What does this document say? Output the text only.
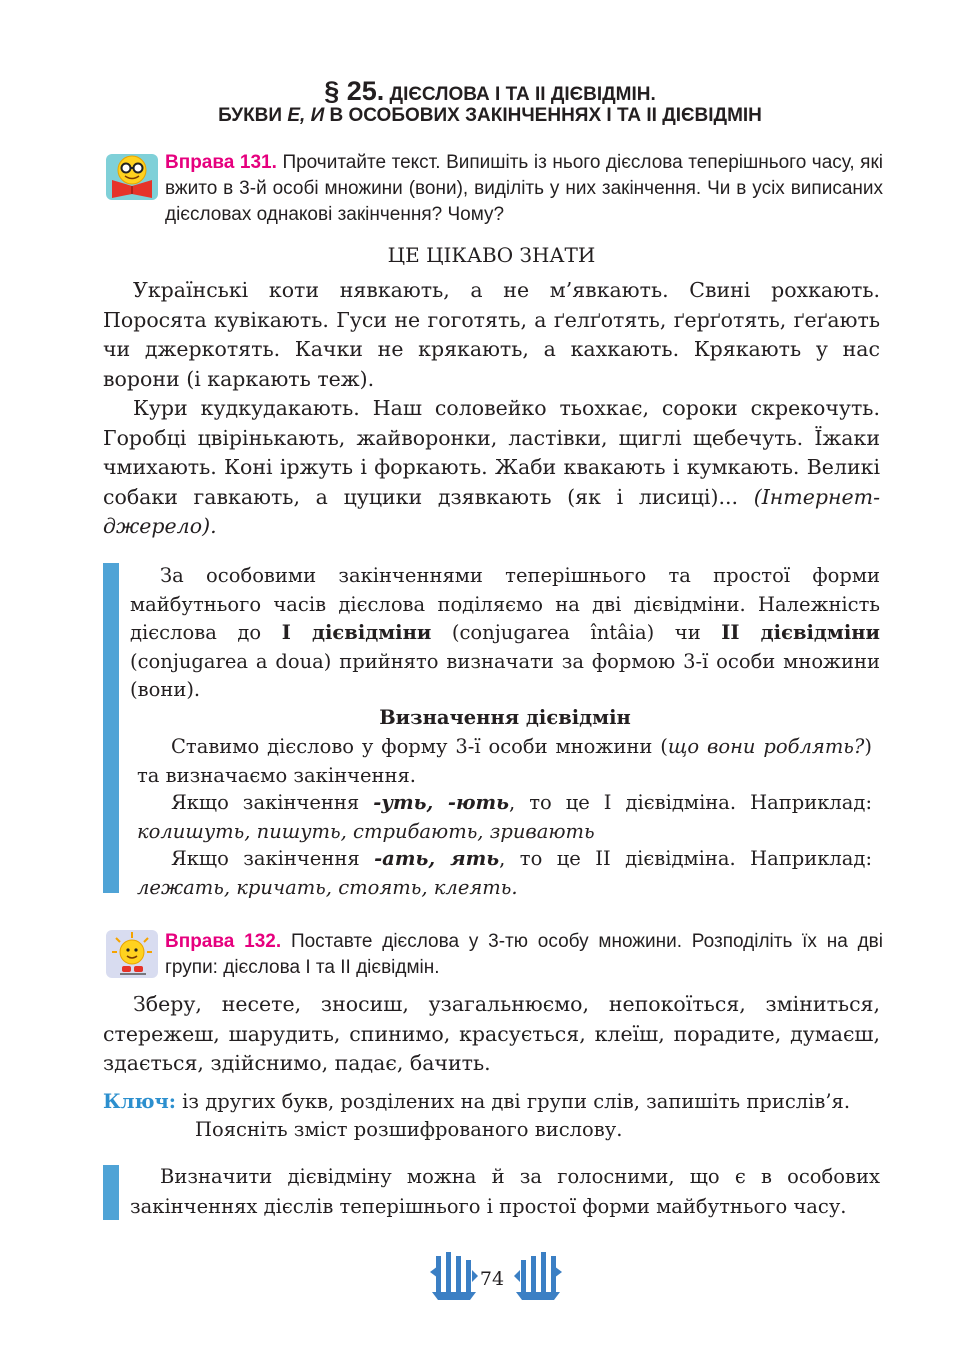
§ 25. ДІЄСЛОВА І ТА ІІ ДІЄВІДМІН.
БУКВИ Е, И В ОСОБОВИХ ЗАКІНЧЕННЯХ І ТА ІІ ДІЄВІДМІН
Вправа 131. Прочитайте текст. Випишіть із нього дієслова теперішнього часу, які вжито в 3-й особі множини (вони), виділіть у них закінчення. Чи в усіх виписаних дієсловах однакові закінчення? Чому?
ЦЕ ЦІКАВО ЗНАТИ
Українські коти нявкають, а не м’явкають. Свині рохкають. Поросята кувікають. Гуси не гоготять, а ґелґотять, ґерґотять, ґеґають чи джеркотять. Качки не крякають, а кахкають. Крякають у нас ворони (і каркають теж).
Кури кудкудакають. Наш соловейко тьохкає, сороки скрекочуть. Горобці цвірінькають, жайворонки, ластівки, щиглі щебечуть. Їжаки чмихають. Коні іржуть і форкають. Жаби квакають і кумкають. Великі собаки гавкають, а цуцики дзявкають (як і лисиці)... (Інтернет-джерело).
За особовими закінченнями теперішнього та простої форми майбутнього часів дієслова поділяємо на дві дієвідміни. Належність дієслова до І дієвідміни (conjugarea întâia) чи ІІ дієвідміни (conjugarea a doua) прийнято визначати за формою 3-ї особи множини (вони).
Визначення дієвідмін
Ставимо дієслово у форму 3-ї особи множини (що вони роблять?) та визначаємо закінчення.
Якщо закінчення -уть, -ють, то це І дієвідміна. Наприклад: колишуть, пишуть, стрибають, зривають
Якщо закінчення -ать, ять, то це ІІ дієвідміна. Наприклад: лежать, кричать, стоять, клеять.
Вправа 132. Поставте дієслова у 3-тю особу множини. Розподіліть їх на дві групи: дієслова І та ІІ дієвідмін.
Зберу, несете, зносиш, узагальнюємо, непокоїться, зміниться, стережеш, шарудить, спинимо, красується, клеїш, порадите, думаєш, здається, здійснимо, падає, бачить.
Ключ: із других букв, розділених на дві групи слів, запишіть прислів’я.
Поясніть зміст розшифрованого вислову.
Визначити дієвідміну можна й за голосними, що є в особових закінченнях дієслів теперішнього і простої форми майбутнього часу.
74
